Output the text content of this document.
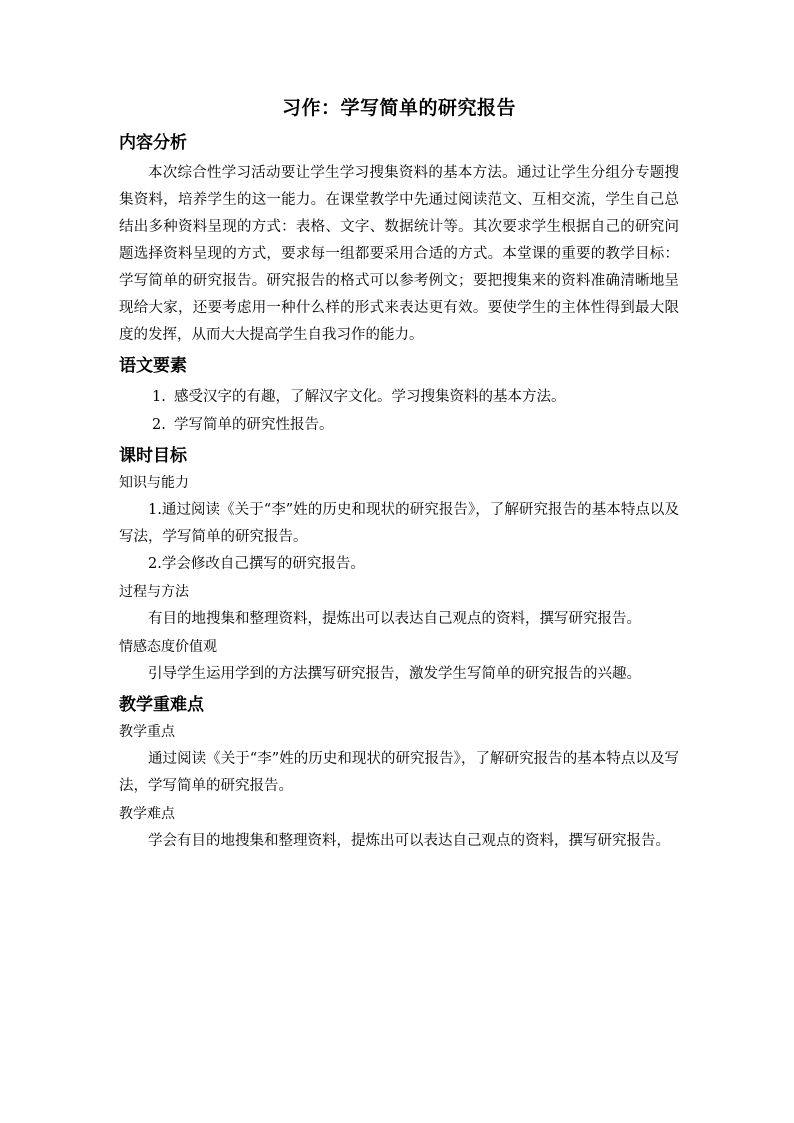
习作：学写简单的研究报告
内容分析

本次综合性学习活动要让学生学习搜集资料的基本方法。通过让学生分组分专题搜集资料，培养学生的这一能力。在课堂教学中先通过阅读范文、互相交流，学生自己总结出多种资料呈现的方式：表格、文字、数据统计等。其次要求学生根据自己的研究问题选择资料呈现的方式，要求每一组都要采用合适的方式。本堂课的重要的教学目标：学写简单的研究报告。研究报告的格式可以参考例文；要把搜集来的资料准确清晰地呈现给大家，还要考虑用一种什么样的形式来表达更有效。要使学生的主体性得到最大限度的发挥，从而大大提高学生自我习作的能力。

语文要素
1. 感受汉字的有趣，了解汉字文化。学习搜集资料的基本方法。
2. 学写简单的研究性报告。
课时目标
知识与能力

1.通过阅读《关于“李”姓的历史和现状的研究报告》，了解研究报告的基本特点以及写法，学写简单的研究报告。

2.学会修改自己撰写的研究报告。

过程与方法

有目的地搜集和整理资料，提炼出可以表达自己观点的资料，撰写研究报告。

情感态度价值观

引导学生运用学到的方法撰写研究报告，激发学生写简单的研究报告的兴趣。

教学重难点
教学重点

通过阅读《关于“李”姓的历史和现状的研究报告》，了解研究报告的基本特点以及写法，学写简单的研究报告。

教学难点

学会有目的地搜集和整理资料，提炼出可以表达自己观点的资料，撰写研究报告。
